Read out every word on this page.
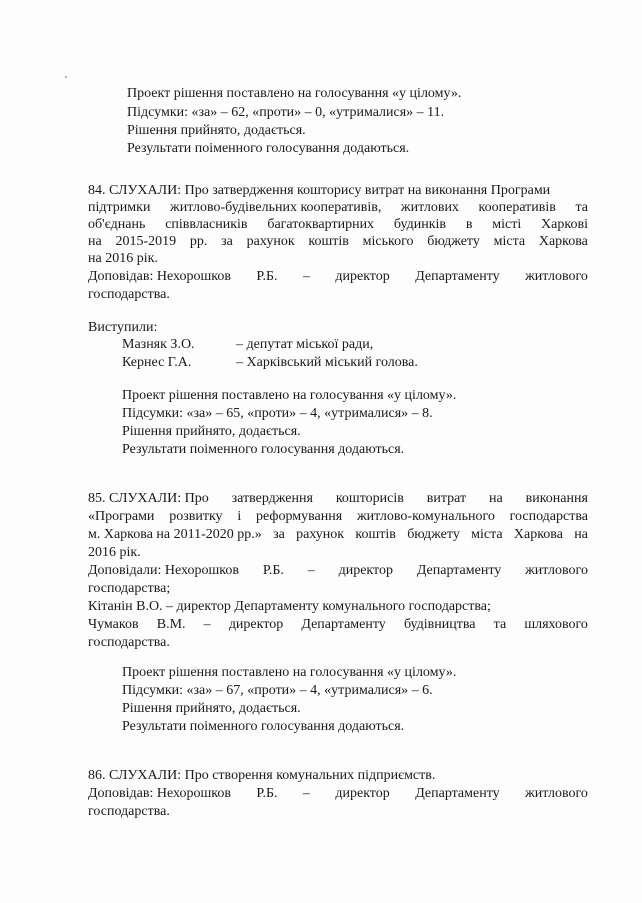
Проект рішення поставлено на голосування «у цілому».
Підсумки: «за» – 62, «проти» – 0, «утрималися» – 11.
Рішення прийнято, додається.
Результати поіменного голосування додаються.
84. СЛУХАЛИ: Про затвердження кошторису витрат на виконання Програми
підтримки житлово-будівельних кооперативів, житлових кооперативів та
об'єднань співвласників багатоквартирних будинків в місті Харкові
на 2015-2019 рр. за рахунок коштів міського бюджету міста Харкова
на 2016 рік.
Доповідав: Нехорошков Р.Б. – директор Департаменту житлового
господарства.
Виступили:
Мазняк З.О.	– депутат міської ради,
Кернес Г.А.	– Харківський міський голова.
Проект рішення поставлено на голосування «у цілому».
Підсумки: «за» – 65, «проти» – 4, «утрималися» – 8.
Рішення прийнято, додається.
Результати поіменного голосування додаються.
85. СЛУХАЛИ: Про затвердження кошторисів витрат на виконання
«Програми розвитку і реформування житлово-комунального господарства
м. Харкова на 2011-2020 рр.» за рахунок коштів бюджету міста Харкова на
2016 рік.
Доповідали: Нехорошков Р.Б. – директор Департаменту житлового
господарства;
Кітанін В.О. – директор Департаменту комунального господарства;
Чумаков В.М. – директор Департаменту будівництва та шляхового
господарства.
Проект рішення поставлено на голосування «у цілому».
Підсумки: «за» – 67, «проти» – 4, «утрималися» – 6.
Рішення прийнято, додається.
Результати поіменного голосування додаються.
86. СЛУХАЛИ: Про створення комунальних підприємств.
Доповідав: Нехорошков Р.Б. – директор Департаменту житлового
господарства.
